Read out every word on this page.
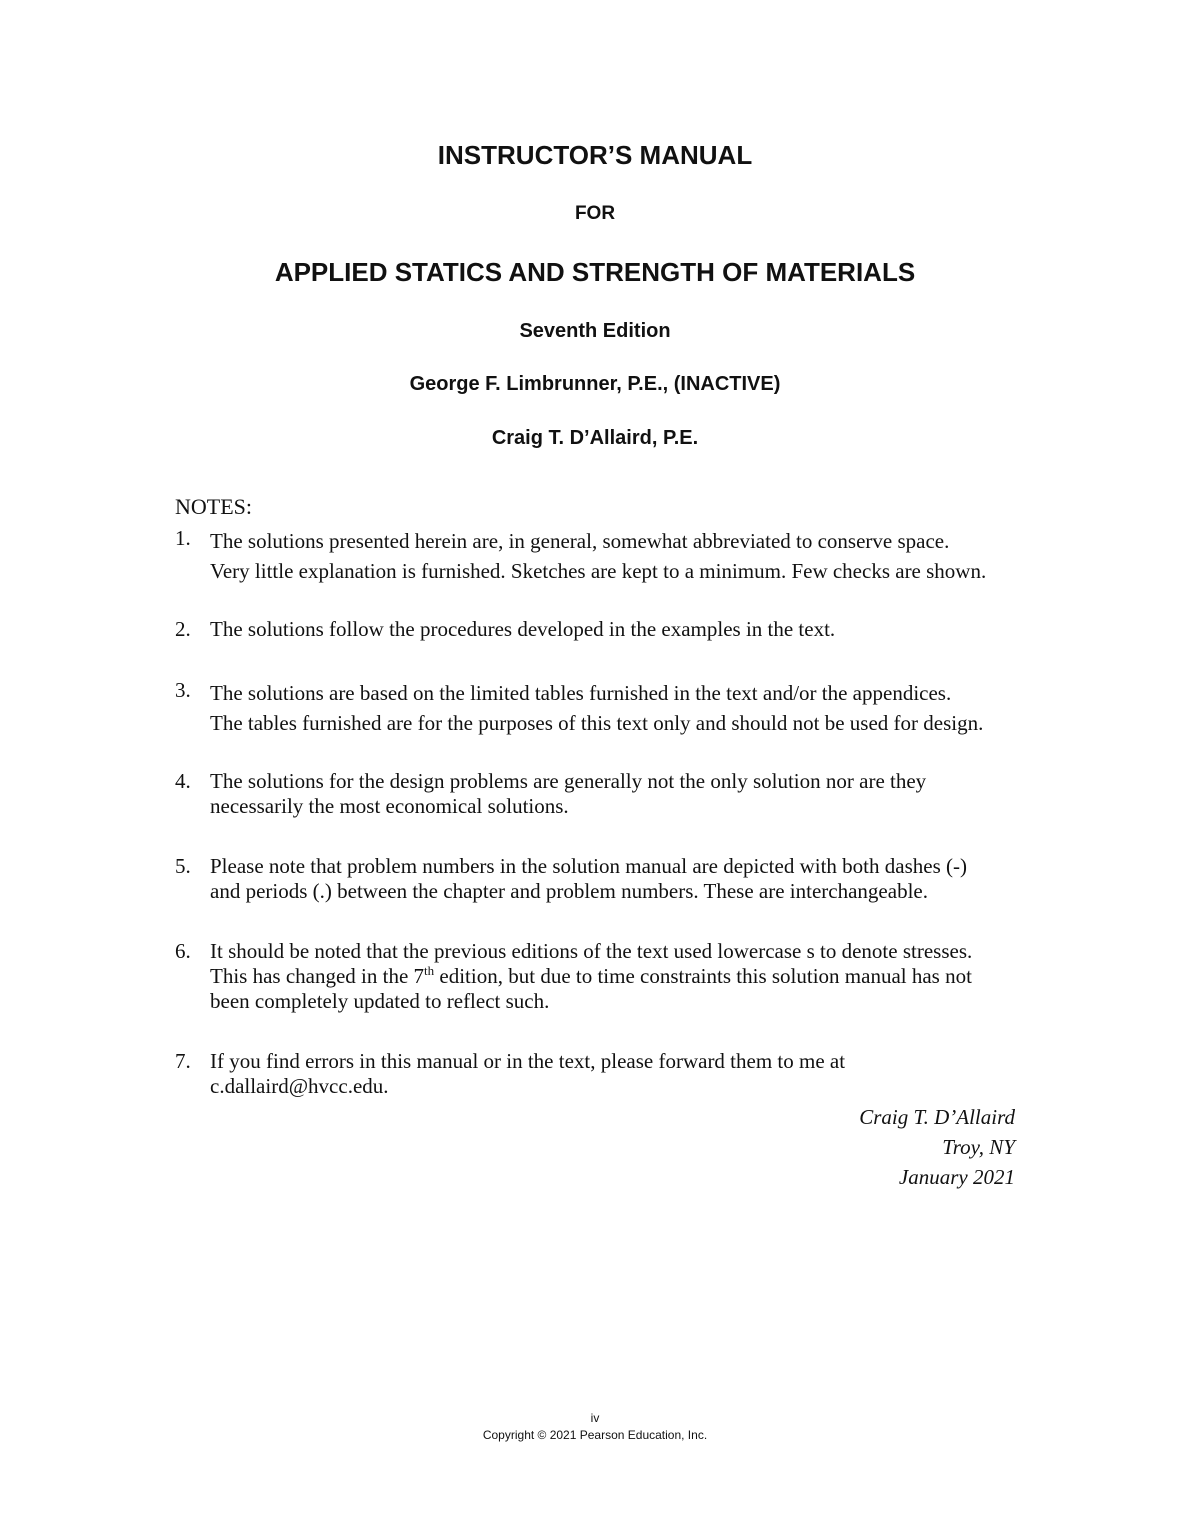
INSTRUCTOR’S MANUAL
FOR
APPLIED STATICS AND STRENGTH OF MATERIALS
Seventh Edition
George F. Limbrunner, P.E., (INACTIVE)
Craig T. D’Allaird, P.E.
NOTES:
1. The solutions presented herein are, in general, somewhat abbreviated to conserve space.
Very little explanation is furnished. Sketches are kept to a minimum. Few checks are shown.
2. The solutions follow the procedures developed in the examples in the text.
3. The solutions are based on the limited tables furnished in the text and/or the appendices.
The tables furnished are for the purposes of this text only and should not be used for design.
4. The solutions for the design problems are generally not the only solution nor are they
necessarily the most economical solutions.
5. Please note that problem numbers in the solution manual are depicted with both dashes (-)
and periods (.) between the chapter and problem numbers. These are interchangeable.
6. It should be noted that the previous editions of the text used lowercase s to denote stresses.
This has changed in the 7th edition, but due to time constraints this solution manual has not
been completely updated to reflect such.
7. If you find errors in this manual or in the text, please forward them to me at
c.dallaird@hvcc.edu.
Craig T. D’Allaird
Troy, NY
January 2021
iv
Copyright © 2021 Pearson Education, Inc.
